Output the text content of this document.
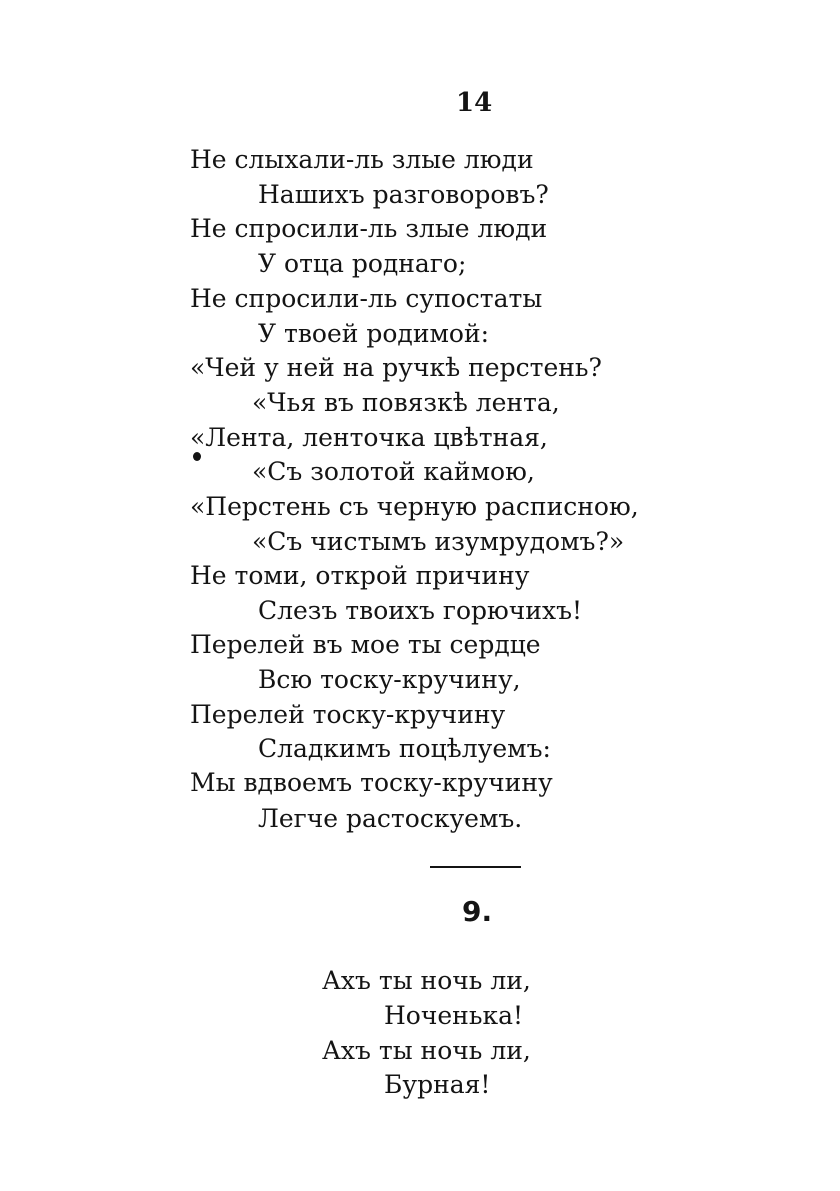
14
Не слыхали-ль злые люди
Нашихъ разговоровъ?
Не спросили-ль злые люди
У отца роднаго;
Не спросили-ль супостаты
У твоей родимой:
«Чей у ней на ручкѣ перстень?
«Чья въ повязкѣ лента,
«Лента, ленточка цвѣтная,
«Съ золотой каймою,
«Перстень съ черную расписною,
«Съ чистымъ изумрудомъ?»
Не томи, открой причину
Слезъ твоихъ горючихъ!
Перелей въ мое ты сердце
Всю тоску-кручину,
Перелей тоску-кручину
Сладкимъ поцѣлуемъ:
Мы вдвоемъ тоску-кручину
Легче растоскуемъ.
9.
Ахъ ты ночь ли,
Ноченька!
Ахъ ты ночь ли,
Бурная!
